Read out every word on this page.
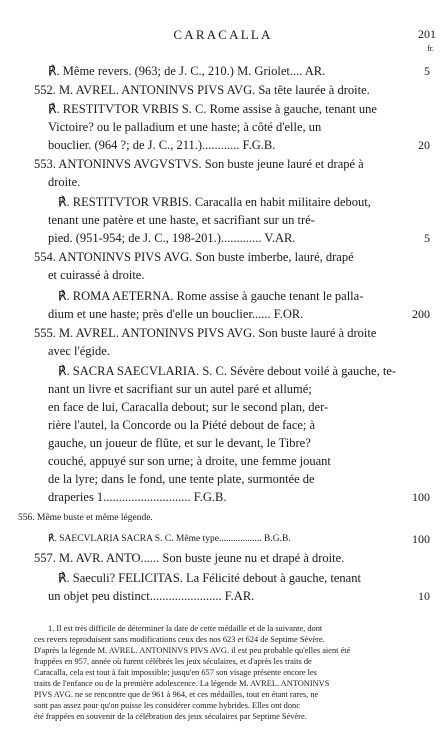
CARACALLA	201
fr.
℟. Même revers. (963; de J. C., 210.) M. Griolet.... AR.	5
552. M. AVREL. ANTONINVS PIVS AVG. Sa tête laurée à droite.
℟. RESTITVTOR VRBIS S. C. Rome assise à gauche, tenant une
Victoire? ou le palladium et une haste; à côté d'elle, un
bouclier. (964 ?; de J. C., 211.)............ F.G.B.	20
553. ANTONINVS AVGVSTVS. Son buste jeune lauré et drapé à
droite.
℟. RESTITVTOR VRBIS. Caracalla en habit militaire debout,
tenant une patère et une haste, et sacrifiant sur un tré-
pied. (951-954; de J. C., 198-201.)............. V.AR.	5
554. ANTONINVS PIVS AVG. Son buste imberbe, lauré, drapé
et cuirassé à droite.
℟. ROMA AETERNA. Rome assise à gauche tenant le palla-
dium et une haste; près d'elle un bouclier...... F.OR.	200
555. M. AVREL. ANTONINVS PIVS AVG. Son buste lauré à droite
avec l'égide.
℟. SACRA SAECVLARIA. S. C. Sévère debout voilé à gauche, te-
nant un livre et sacrifiant sur un autel paré et allumé;
en face de lui, Caracalla debout; sur le second plan, der-
rière l'autel, la Concorde ou la Piété debout de face; à
gauche, un joueur de flûte, et sur le devant, le Tibre?
couché, appuyé sur son urne; à droite, une femme jouant
de la lyre; dans le fond, une tente plate, surmontée de
draperies 1............................ F.G.B.	100
556. Même buste et même légende.
℟. SAECVLARIA SACRA S. C. Même type.................. B.G.B.	100
557. M. AVR. ANTO...... Son buste jeune nu et drapé à droite.
℟. Saeculi? FELICITAS. La Félicité debout à gauche, tenant
un objet peu distinct....................... F.AR.	10
1. Il est très difficile de déterminer la date de cette médaille et de la suivante, dont
ces revers reproduisent sans modifications ceux des nos 623 et 624 de Septime Sévère.
D'après la légende M. AVREL. ANTONINVS PIVS AVG. il est peu probable qu'elles aient été
frappées en 957, année où furent célébrés les jeux séculaires, et d'après les traits de
Caracalla, cela est tout à fait impossible; jusqu'en 657 son visage présente encore les
traits de l'enfance ou de la première adolescence. La légende M. AVREL. ANTONINVS
PIVS AVG. ne se rencontre que de 961 à 964, et ces médailles, tout en étant rares, ne
sont pas assez pour qu'on puisse les considérer comme hybrides. Elles ont donc
été frappées en souvenir de la célébration des jeux séculaires par Septime Sévère.
